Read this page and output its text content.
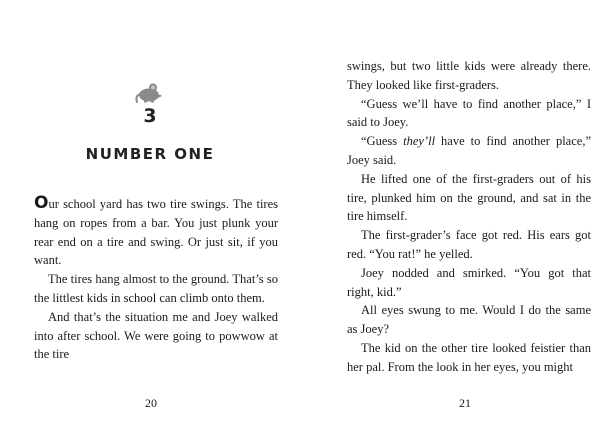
3
NUMBER ONE

Our school yard has two tire swings. The tires hang on ropes from a bar. You just plunk your rear end on a tire and swing. Or just sit, if you want.

The tires hang almost to the ground. That’s so the littlest kids in school can climb onto them.

And that’s the situation me and Joey walked into after school. We were going to powwow at the tire

20

swings, but two little kids were already there. They looked like first-graders.

“Guess we’ll have to find another place,” I said to Joey.

“Guess they’ll have to find another place,” Joey said.

He lifted one of the first-graders out of his tire, plunked him on the ground, and sat in the tire himself.

The first-grader’s face got red. His ears got red. “You rat!” he yelled.

Joey nodded and smirked. “You got that right, kid.”

All eyes swung to me. Would I do the same as Joey?

The kid on the other tire looked feistier than her pal. From the look in her eyes, you might

21
